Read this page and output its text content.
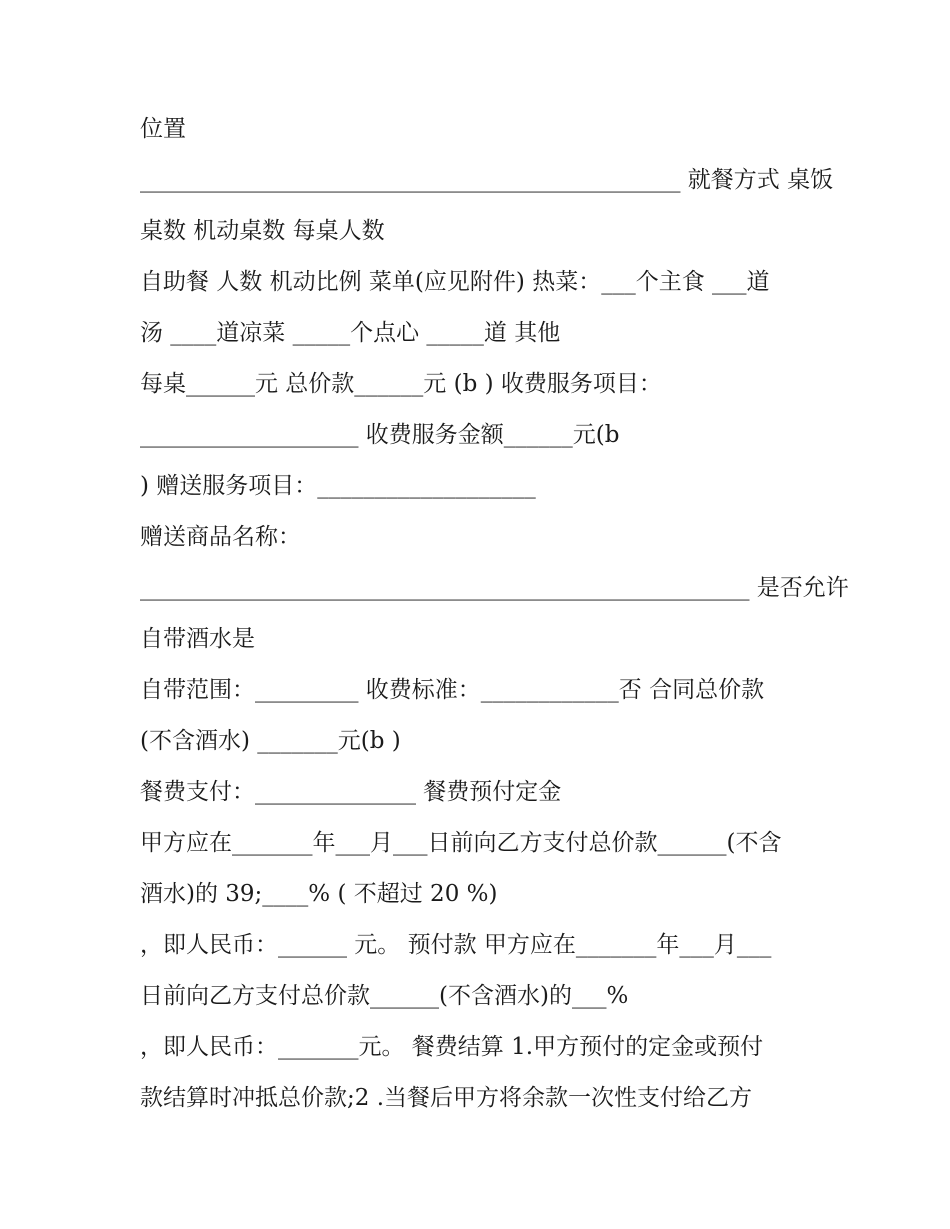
位置
_______________________________________________ 就餐方式 桌饭
桌数 机动桌数 每桌人数
自助餐 人数 机动比例 菜单(应见附件) 热菜：___个主食 ___道
汤 ____道凉菜 _____个点心 _____道 其他
每桌______元 总价款______元 (b ) 收费服务项目：
___________________ 收费服务金额______元(b
) 赠送服务项目：___________________
赠送商品名称：
_____________________________________________________ 是否允许
自带酒水是
自带范围：_________ 收费标准：____________否 合同总价款
(不含酒水) _______元(b )
餐费支付：______________ 餐费预付定金
甲方应在_______年___月___日前向乙方支付总价款______(不含
酒水)的 39;____% ( 不超过 20 %)
，即人民币：______ 元。 预付款 甲方应在_______年___月___
日前向乙方支付总价款______(不含酒水)的___%
，即人民币：_______元。 餐费结算 1.甲方预付的定金或预付
款结算时冲抵总价款;2 .当餐后甲方将余款一次性支付给乙方
